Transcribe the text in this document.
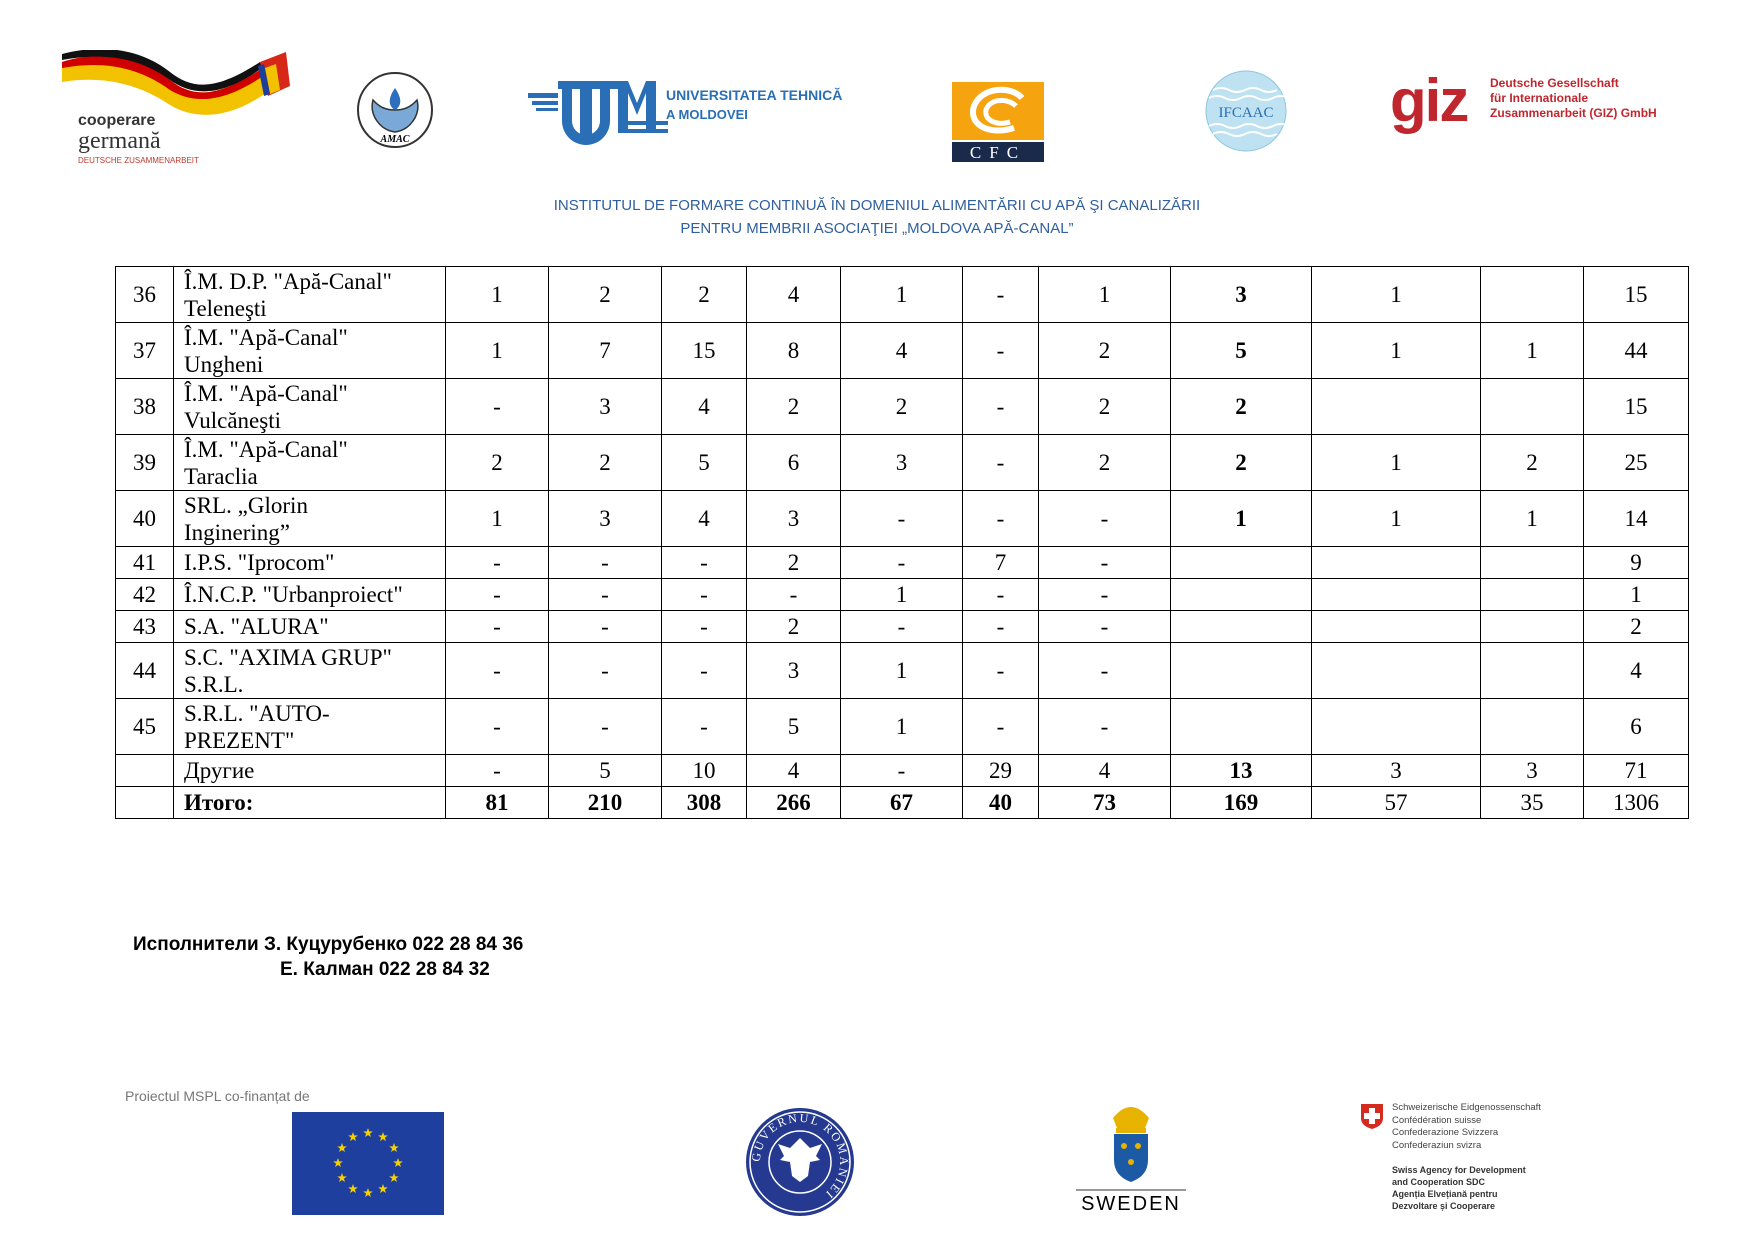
cooperare
germană
DEUTSCHE ZUSAMMENARBEIT
AMAC
UNIVERSITATEA TEHNICĂ
A MOLDOVEI
CFC
IFCAAC giz Deutsche Gesellschaft
für Internationale
Zusammenarbeit (GIZ) GmbH
INSTITUTUL DE FORMARE CONTINUĂ ÎN DOMENIUL ALIMENTĂRII CU APĂ ŞI CANALIZĂRII
PENTRU MEMBRII ASOCIAŢIEI „MOLDOVA APĂ-CANAL”
36	Î.M. D.P. "Apă-Canal"
Teleneşti	1	2	2	4	1	-	1	3	1		15
37	Î.M. "Apă-Canal"
Ungheni	1	7	15	8	4	-	2	5	1	1	44
38	Î.M. "Apă-Canal"
Vulcăneşti	-	3	4	2	2	-	2	2			15
39	Î.M. "Apă-Canal"
Taraclia	2	2	5	6	3	-	2	2	1	2	25
40	SRL. „Glorin
Inginering”	1	3	4	3	-	-	-	1	1	1	14
41	I.P.S. "Iprocom"	-	-	-	2	-	7	-				9
42	Î.N.C.P. "Urbanproiect"	-	-	-	-	1	-	-				1
43	S.A. "ALURA"	-	-	-	2	-	-	-				2
44	S.C. "AXIMA GRUP"
S.R.L.	-	-	-	3	1	-	-				4
45	S.R.L. "AUTO-
PREZENT"	-	-	-	5	1	-	-				6

	Другие	-	5	10	4	-	29	4	13	3	3	71
	Итого:	81	210	308	266	67	40	73	169	57	35	1306
Исполнители З. Куцурубенко 022 28 84 36
Е. Калман 022 28 84 32
Proiectul MSPL co-finanțat de
GUVERNUL ROMÂNIEI	SWEDEN
Schweizerische Eidgenossenschaft
Confédération suisse
Confederazione Svizzera
Confederaziun svizra
Swiss Agency for Development
and Cooperation SDC
Agenția Elvețiană pentru
Dezvoltare și Cooperare
